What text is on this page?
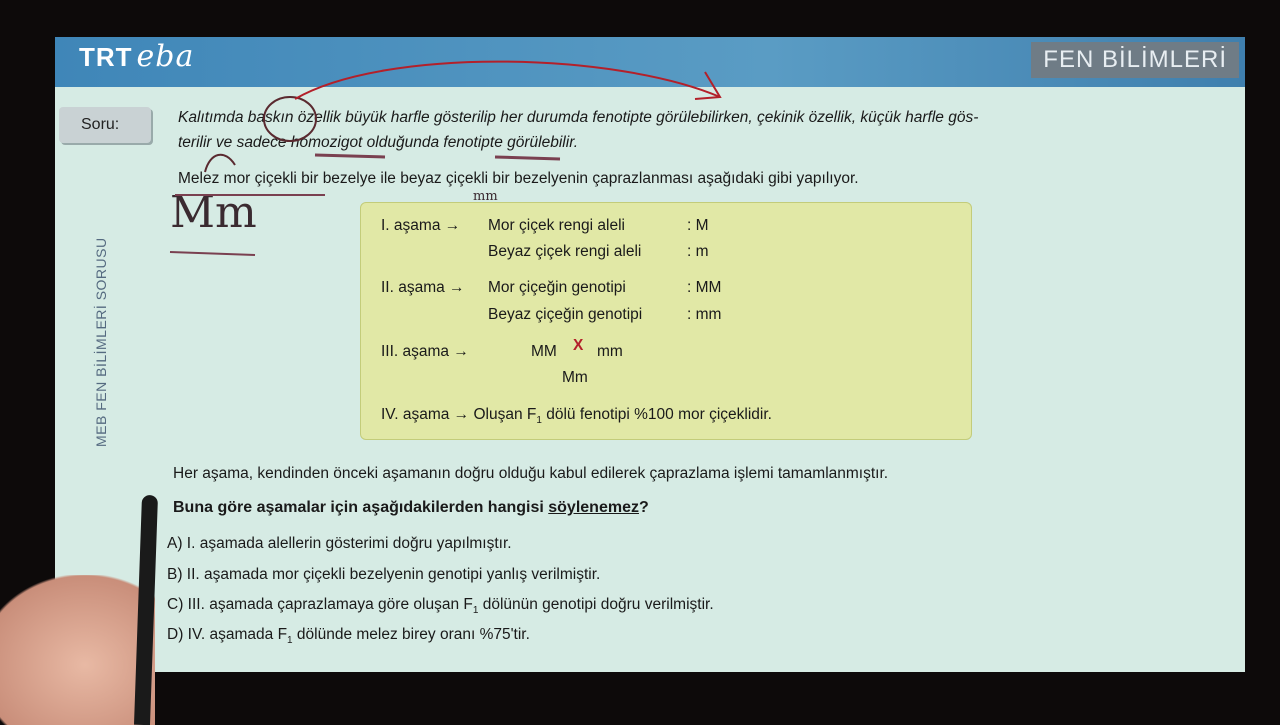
TRT eba	FEN BİLİMLERİ
Soru:
MEB FEN BİLİMLERİ SORUSU
Kalıtımda baskın özellik büyük harfle gösterilip her durumda fenotipte görülebilirken, çekinik özellik, küçük harfle gös-
terilir ve sadece homozigot olduğunda fenotipte görülebilir.
Melez mor çiçekli bir bezelye ile beyaz çiçekli bir bezelyenin çaprazlanması aşağıdaki gibi yapılıyor.
I. aşama → Mor çiçek rengi aleli	: M
Beyaz çiçek rengi aleli	: m
II. aşama → Mor çiçeğin genotipi	: MM
Beyaz çiçeğin genotipi	: mm
III. aşama →	MM X mm
Mm
IV. aşama → Oluşan $F_1$ dölü fenotipi %100 mor çiçeklidir.
Her aşama, kendinden önceki aşamanın doğru olduğu kabul edilerek çaprazlama işlemi tamamlanmıştır.
Buna göre aşamalar için aşağıdakilerden hangisi söylenemez?
A) I. aşamada alellerin gösterimi doğru yapılmıştır.
B) II. aşamada mor çiçekli bezelyenin genotipi yanlış verilmiştir.
C) III. aşamada çaprazlamaya göre oluşan $F_1$ dölünün genotipi doğru verilmiştir.
D) IV. aşamada $F_1$ dölünde melez birey oranı %75'tir.
Mm	mm
